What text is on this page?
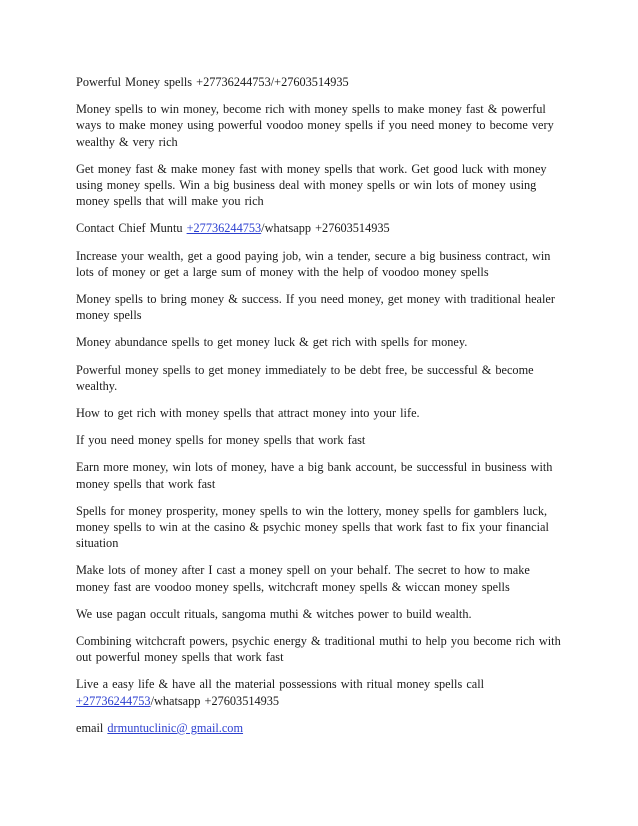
Powerful Money spells +27736244753/+27603514935

Money spells to win money, become rich with money spells to make money fast & powerful ways to make money using powerful voodoo money spells if you need money to become very wealthy & very rich

Get money fast & make money fast with money spells that work. Get good luck with money using money spells. Win a big business deal with money spells or win lots of money using money spells that will make you rich

Contact Chief Muntu +27736244753/whatsapp +27603514935

Increase your wealth, get a good paying job, win a tender, secure a big business contract, win lots of money or get a large sum of money with the help of voodoo money spells

Money spells to bring money & success. If you need money, get money with traditional healer money spells

Money abundance spells to get money luck & get rich with spells for money.

Powerful money spells to get money immediately to be debt free, be successful & become wealthy.

How to get rich with money spells that attract money into your life.

If you need money spells for money spells that work fast

Earn more money, win lots of money, have a big bank account, be successful in business with money spells that work fast

Spells for money prosperity, money spells to win the lottery, money spells for gamblers luck, money spells to win at the casino & psychic money spells that work fast to fix your financial situation

Make lots of money after I cast a money spell on your behalf. The secret to how to make money fast are voodoo money spells, witchcraft money spells & wiccan money spells

We use pagan occult rituals, sangoma muthi & witches power to build wealth.

Combining witchcraft powers, psychic energy & traditional muthi to help you become rich with out powerful money spells that work fast

Live a easy life & have all the material possessions with ritual money spells call +27736244753/whatsapp +27603514935

email drmuntuclinic@ gmail.com
